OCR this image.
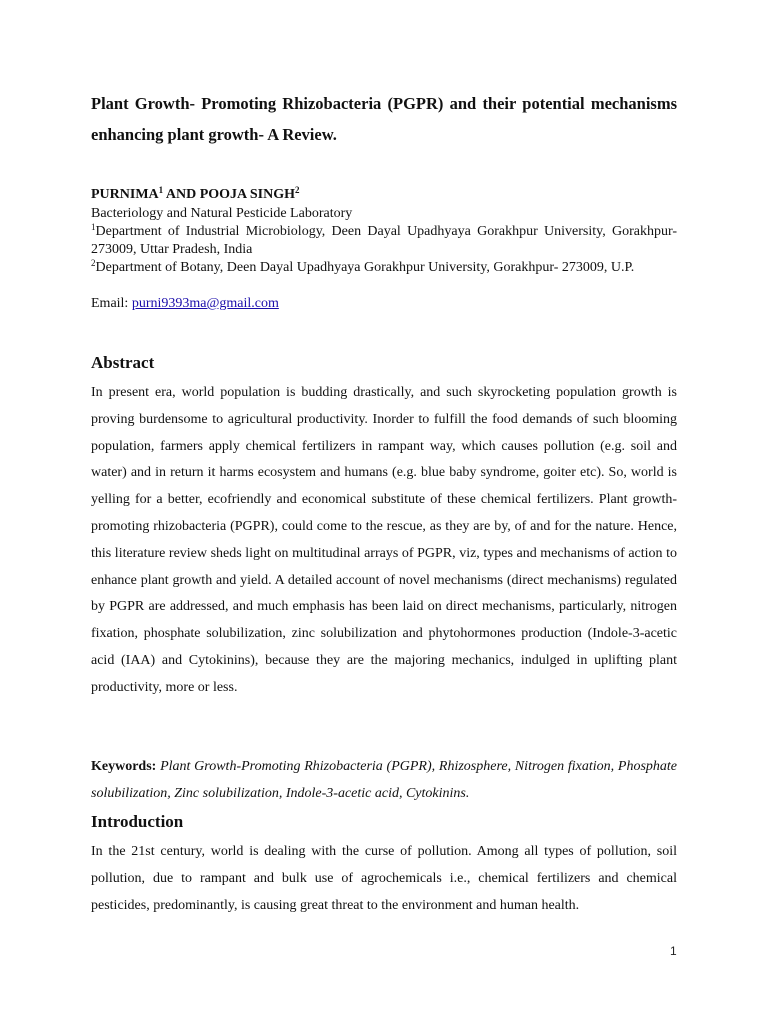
Plant Growth- Promoting Rhizobacteria (PGPR) and their potential mechanisms enhancing plant growth- A Review.
PURNIMA$^1$ AND POOJA SINGH$^2$
Bacteriology and Natural Pesticide Laboratory
$^1$Department of Industrial Microbiology, Deen Dayal Upadhyaya Gorakhpur University, Gorakhpur- 273009, Uttar Pradesh, India
$^2$Department of Botany, Deen Dayal Upadhyaya Gorakhpur University, Gorakhpur- 273009, U.P.
Email: purni9393ma@gmail.com
Abstract
In present era, world population is budding drastically, and such skyrocketing population growth is proving burdensome to agricultural productivity. Inorder to fulfill the food demands of such blooming population, farmers apply chemical fertilizers in rampant way, which causes pollution (e.g. soil and water) and in return it harms ecosystem and humans (e.g. blue baby syndrome, goiter etc). So, world is yelling for a better, ecofriendly and economical substitute of these chemical fertilizers. Plant growth-promoting rhizobacteria (PGPR), could come to the rescue, as they are by, of and for the nature. Hence, this literature review sheds light on multitudinal arrays of PGPR, viz, types and mechanisms of action to enhance plant growth and yield. A detailed account of novel mechanisms (direct mechanisms) regulated by PGPR are addressed, and much emphasis has been laid on direct mechanisms, particularly, nitrogen fixation, phosphate solubilization, zinc solubilization and phytohormones production (Indole-3-acetic acid (IAA) and Cytokinins), because they are the majoring mechanics, indulged in uplifting plant productivity, more or less.
Keywords: Plant Growth-Promoting Rhizobacteria (PGPR), Rhizosphere, Nitrogen fixation, Phosphate solubilization, Zinc solubilization, Indole-3-acetic acid, Cytokinins.
Introduction
In the 21st century, world is dealing with the curse of pollution. Among all types of pollution, soil pollution, due to rampant and bulk use of agrochemicals i.e., chemical fertilizers and chemical pesticides, predominantly, is causing great threat to the environment and human health.
1
